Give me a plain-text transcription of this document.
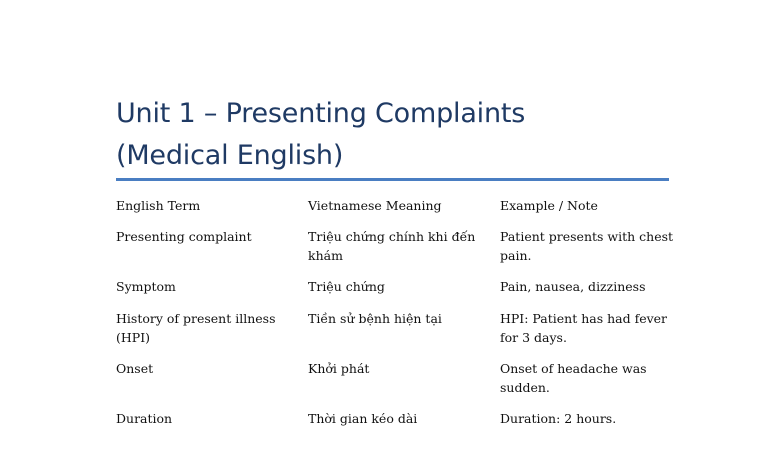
Unit 1 – Presenting Complaints
(Medical English)
English Term	Vietnamese Meaning	Example / Note
Presenting complaint	Triệu chứng chính khi đến khám	Patient presents with chest pain.
Symptom	Triệu chứng	Pain, nausea, dizziness
History of present illness (HPI)	Tiền sử bệnh hiện tại	HPI: Patient has had fever for 3 days.
Onset	Khởi phát	Onset of headache was sudden.
Duration	Thời gian kéo dài	Duration: 2 hours.
